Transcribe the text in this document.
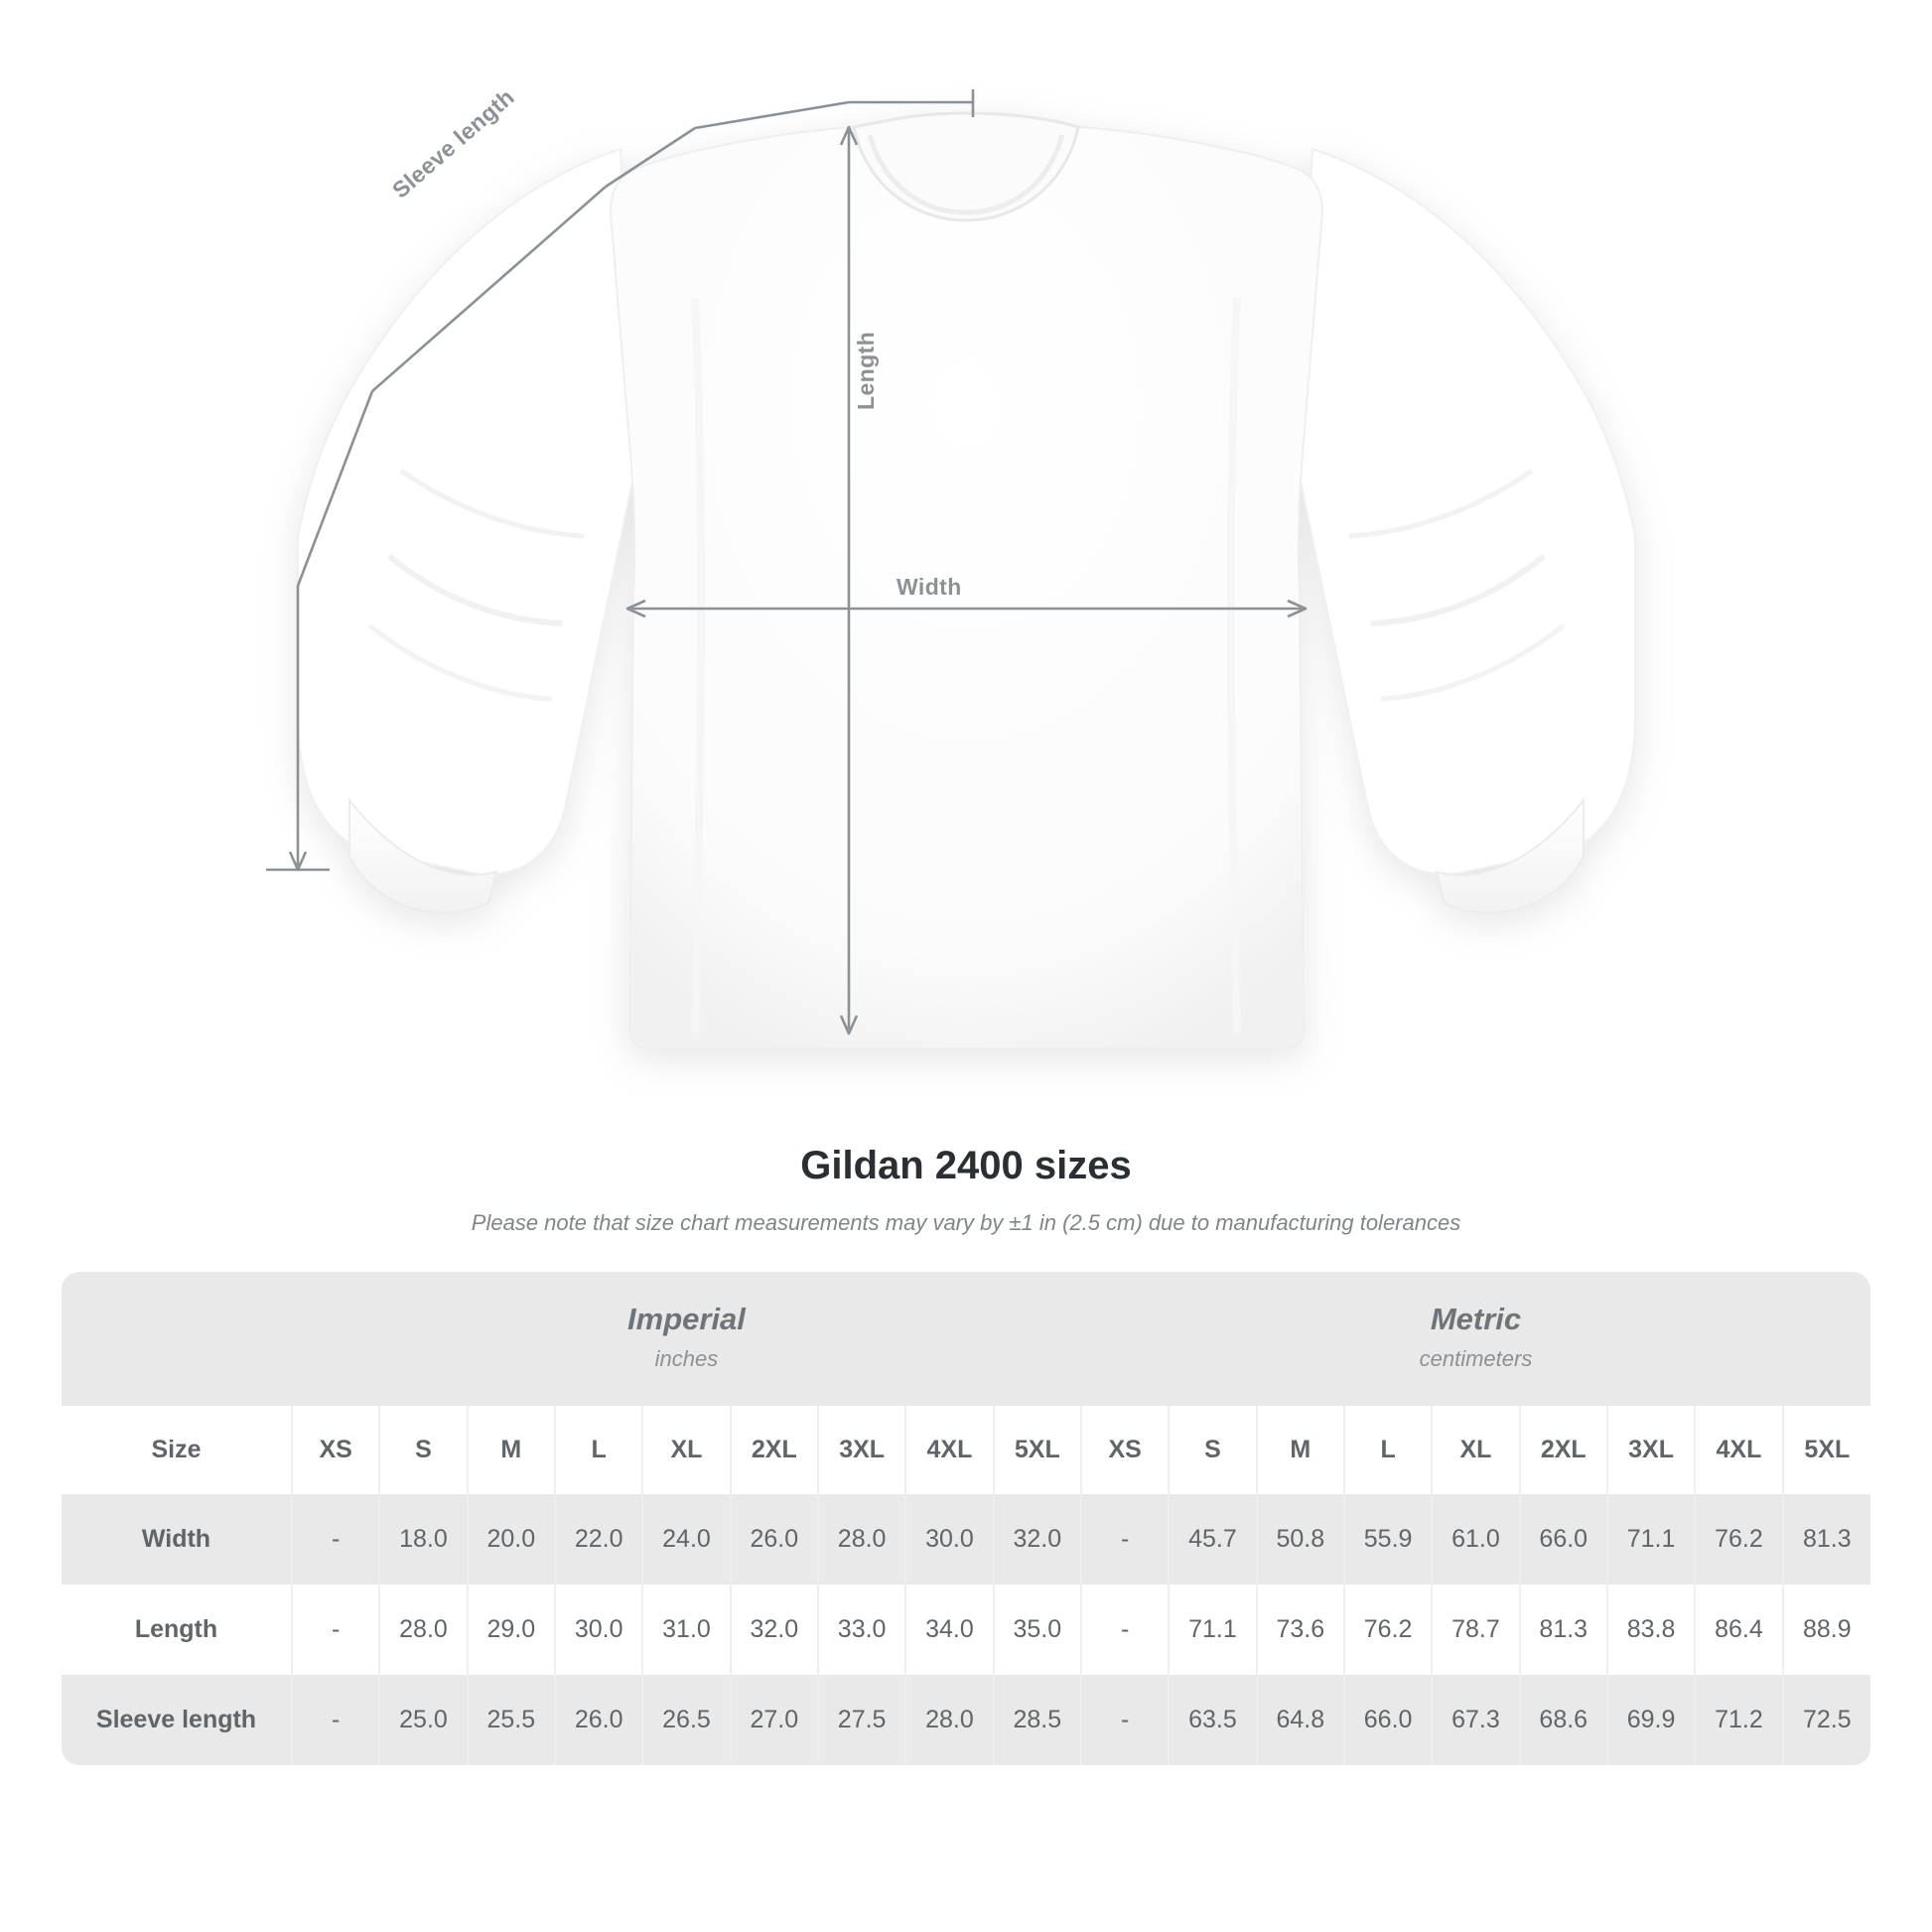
Width
Length
Sleeve length
Gildan 2400 sizes
Please note that size chart measurements may vary by ±1 in (2.5 cm) due to manufacturing tolerances

	Imperial
inches									Metric
centimeters								

Size	XS	S	M	L	XL	2XL	3XL	4XL	5XL	XS	S	M	L	XL	2XL	3XL	4XL	5XL
Width	-	18.0	20.0	22.0	24.0	26.0	28.0	30.0	32.0	-	45.7	50.8	55.9	61.0	66.0	71.1	76.2	81.3
Length	-	28.0	29.0	30.0	31.0	32.0	33.0	34.0	35.0	-	71.1	73.6	76.2	78.7	81.3	83.8	86.4	88.9
Sleeve length	-	25.0	25.5	26.0	26.5	27.0	27.5	28.0	28.5	-	63.5	64.8	66.0	67.3	68.6	69.9	71.2	72.5
